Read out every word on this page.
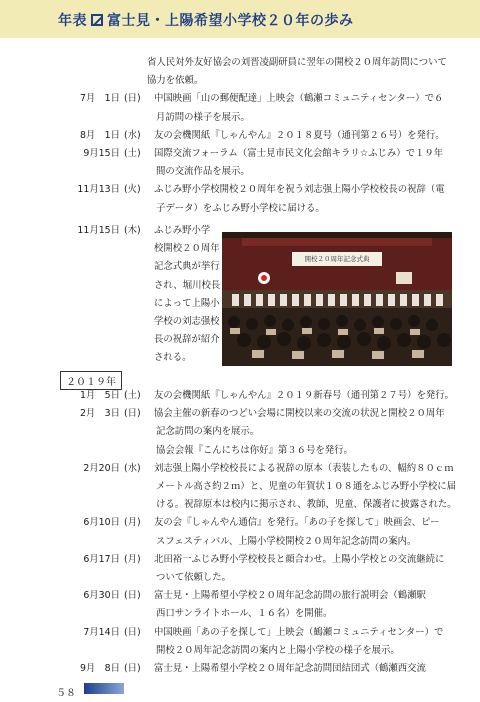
年表 富士見・上陽希望小学校２０年の歩み
省人民対外友好協会の刘晋凌副研員に翌年の開校２０周年訪問について
協力を依頼。
7月　1日 (日) 中国映画「山の郵便配達」上映会（鶴瀬コミュニティセンター）で６
月訪問の様子を展示。
8月　1日 (水) 友の会機関紙『しゃんやん』２０１８夏号（通刊第２６号）を発行。
9月15日 (土) 国際交流フォーラム（富士見市民文化会館キラリ☆ふじみ）で１９年
間の交流作品を展示。
11月13日 (火) ふじみ野小学校開校２０周年を祝う刘志强上陽小学校校長の祝辞（電
子データ）をふじみ野小学校に届ける。
11月15日 (木) ふじみ野小学
校開校２０周年
記念式典が挙行
され、堀川校長
によって上陽小
学校の刘志强校
長の祝辞が紹介
される。
1月　5日 (土) 友の会機関紙『しゃんやん』２０１９新春号（通刊第２７号）を発行。
2月　3日 (日) 協会主催の新春のつどい会場に開校以来の交流の状況と開校２０周年
記念訪問の案内を展示。
協会会報『こんにちは你好』第３６号を発行。
2月20日 (水) 刘志强上陽小学校校長による祝辞の原本（表装したもの、幅約８０ｃｍ
メートル高さ約２ｍ）と、児童の年賀状１０８通をふじみ野小学校に届
ける。祝辞原本は校内に掲示され、教師、児童、保護者に披露された。
6月10日 (月) 友の会『しゃんやん通信』を発行。「あの子を探して」映画会、ピー
スフェスティバル、上陽小学校開校２０周年記念訪問の案内。
6月17日 (月) 北田裕一ふじみ野小学校校長と顔合わせ。上陽小学校との交流継続に
ついて依頼した。
6月30日 (日) 富士見・上陽希望小学校２０周年記念訪問の旅行説明会（鶴瀬駅
西口サンライトホール、１６名）を開催。
7月14日 (日) 中国映画「あの子を探して」上映会（鶴瀬コミュニティセンター）で
開校２０周年記念訪問の案内と上陽小学校の様子を展示。
9月　8日 (日) 富士見・上陽希望小学校２０周年記念訪問団結団式（鶴瀬西交流
開校２０周年記念式典
２０１９年
５８
